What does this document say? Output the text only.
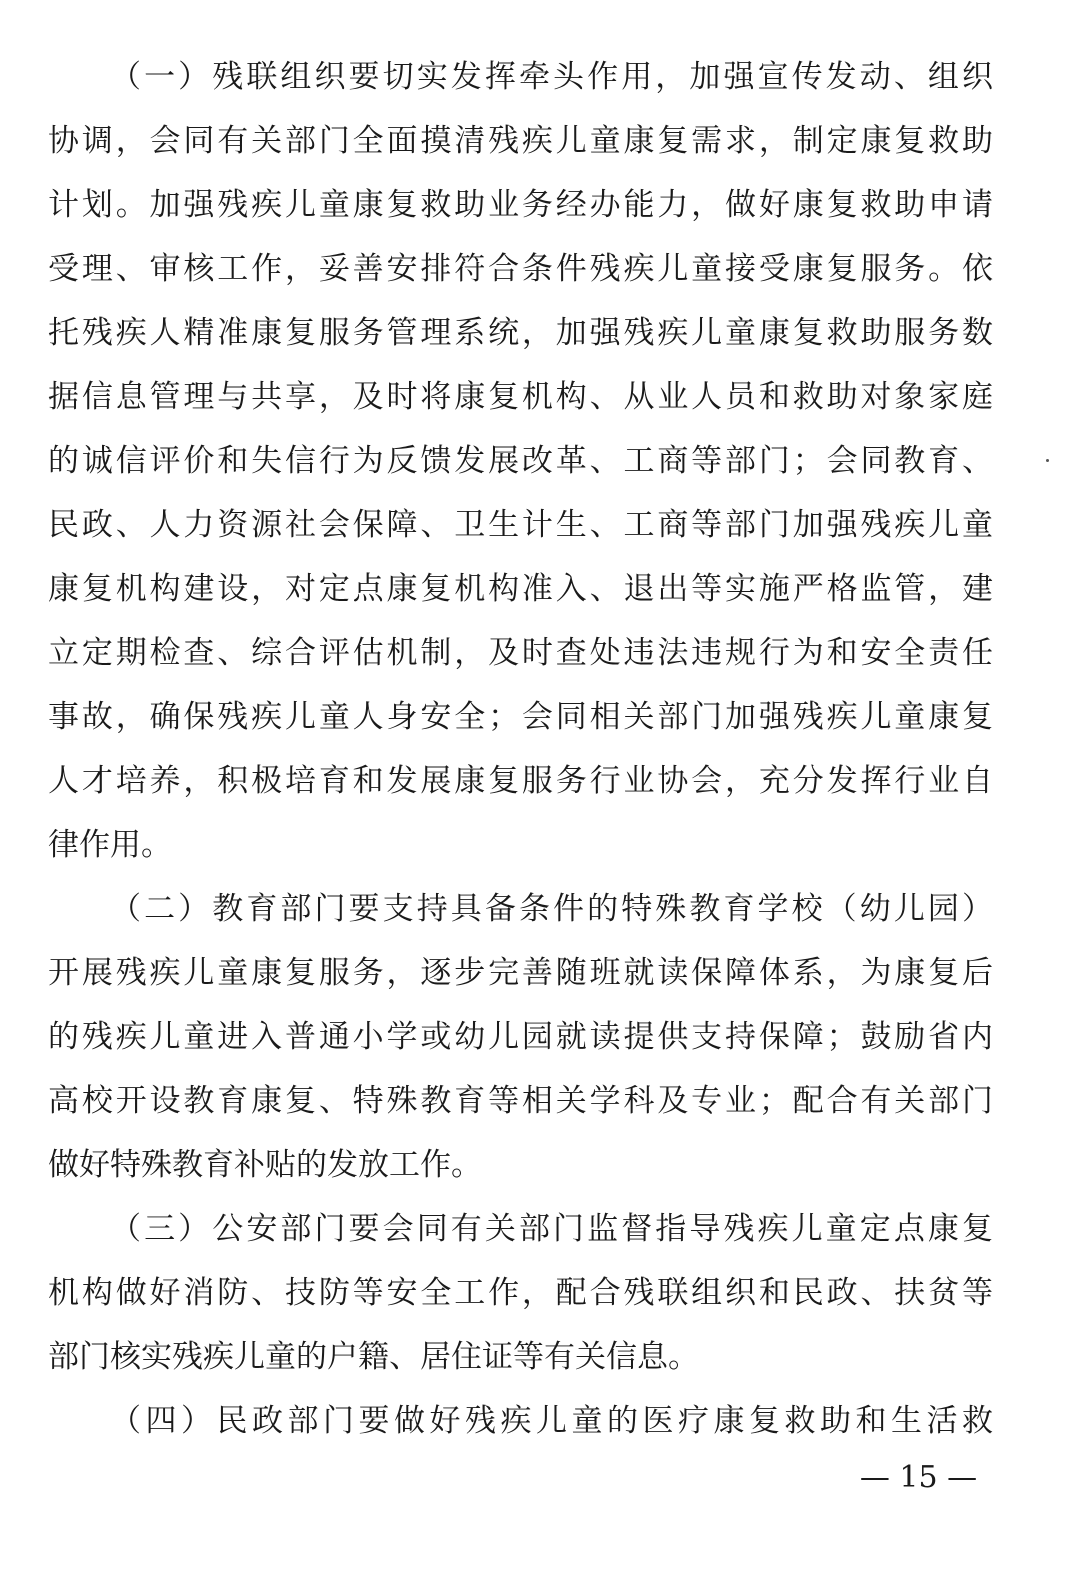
（一）残联组织要切实发挥牵头作用，加强宣传发动、组织
协调，会同有关部门全面摸清残疾儿童康复需求，制定康复救助
计划。加强残疾儿童康复救助业务经办能力，做好康复救助申请
受理、审核工作，妥善安排符合条件残疾儿童接受康复服务。依
托残疾人精准康复服务管理系统，加强残疾儿童康复救助服务数
据信息管理与共享，及时将康复机构、从业人员和救助对象家庭
的诚信评价和失信行为反馈发展改革、工商等部门；会同教育、
民政、人力资源社会保障、卫生计生、工商等部门加强残疾儿童
康复机构建设，对定点康复机构准入、退出等实施严格监管，建
立定期检查、综合评估机制，及时查处违法违规行为和安全责任
事故，确保残疾儿童人身安全；会同相关部门加强残疾儿童康复
人才培养，积极培育和发展康复服务行业协会，充分发挥行业自
律作用。
（二）教育部门要支持具备条件的特殊教育学校（幼儿园）
开展残疾儿童康复服务，逐步完善随班就读保障体系，为康复后
的残疾儿童进入普通小学或幼儿园就读提供支持保障；鼓励省内
高校开设教育康复、特殊教育等相关学科及专业；配合有关部门
做好特殊教育补贴的发放工作。
（三）公安部门要会同有关部门监督指导残疾儿童定点康复
机构做好消防、技防等安全工作，配合残联组织和民政、扶贫等
部门核实残疾儿童的户籍、居住证等有关信息。
（四）民政部门要做好残疾儿童的医疗康复救助和生活救
— 15 —
